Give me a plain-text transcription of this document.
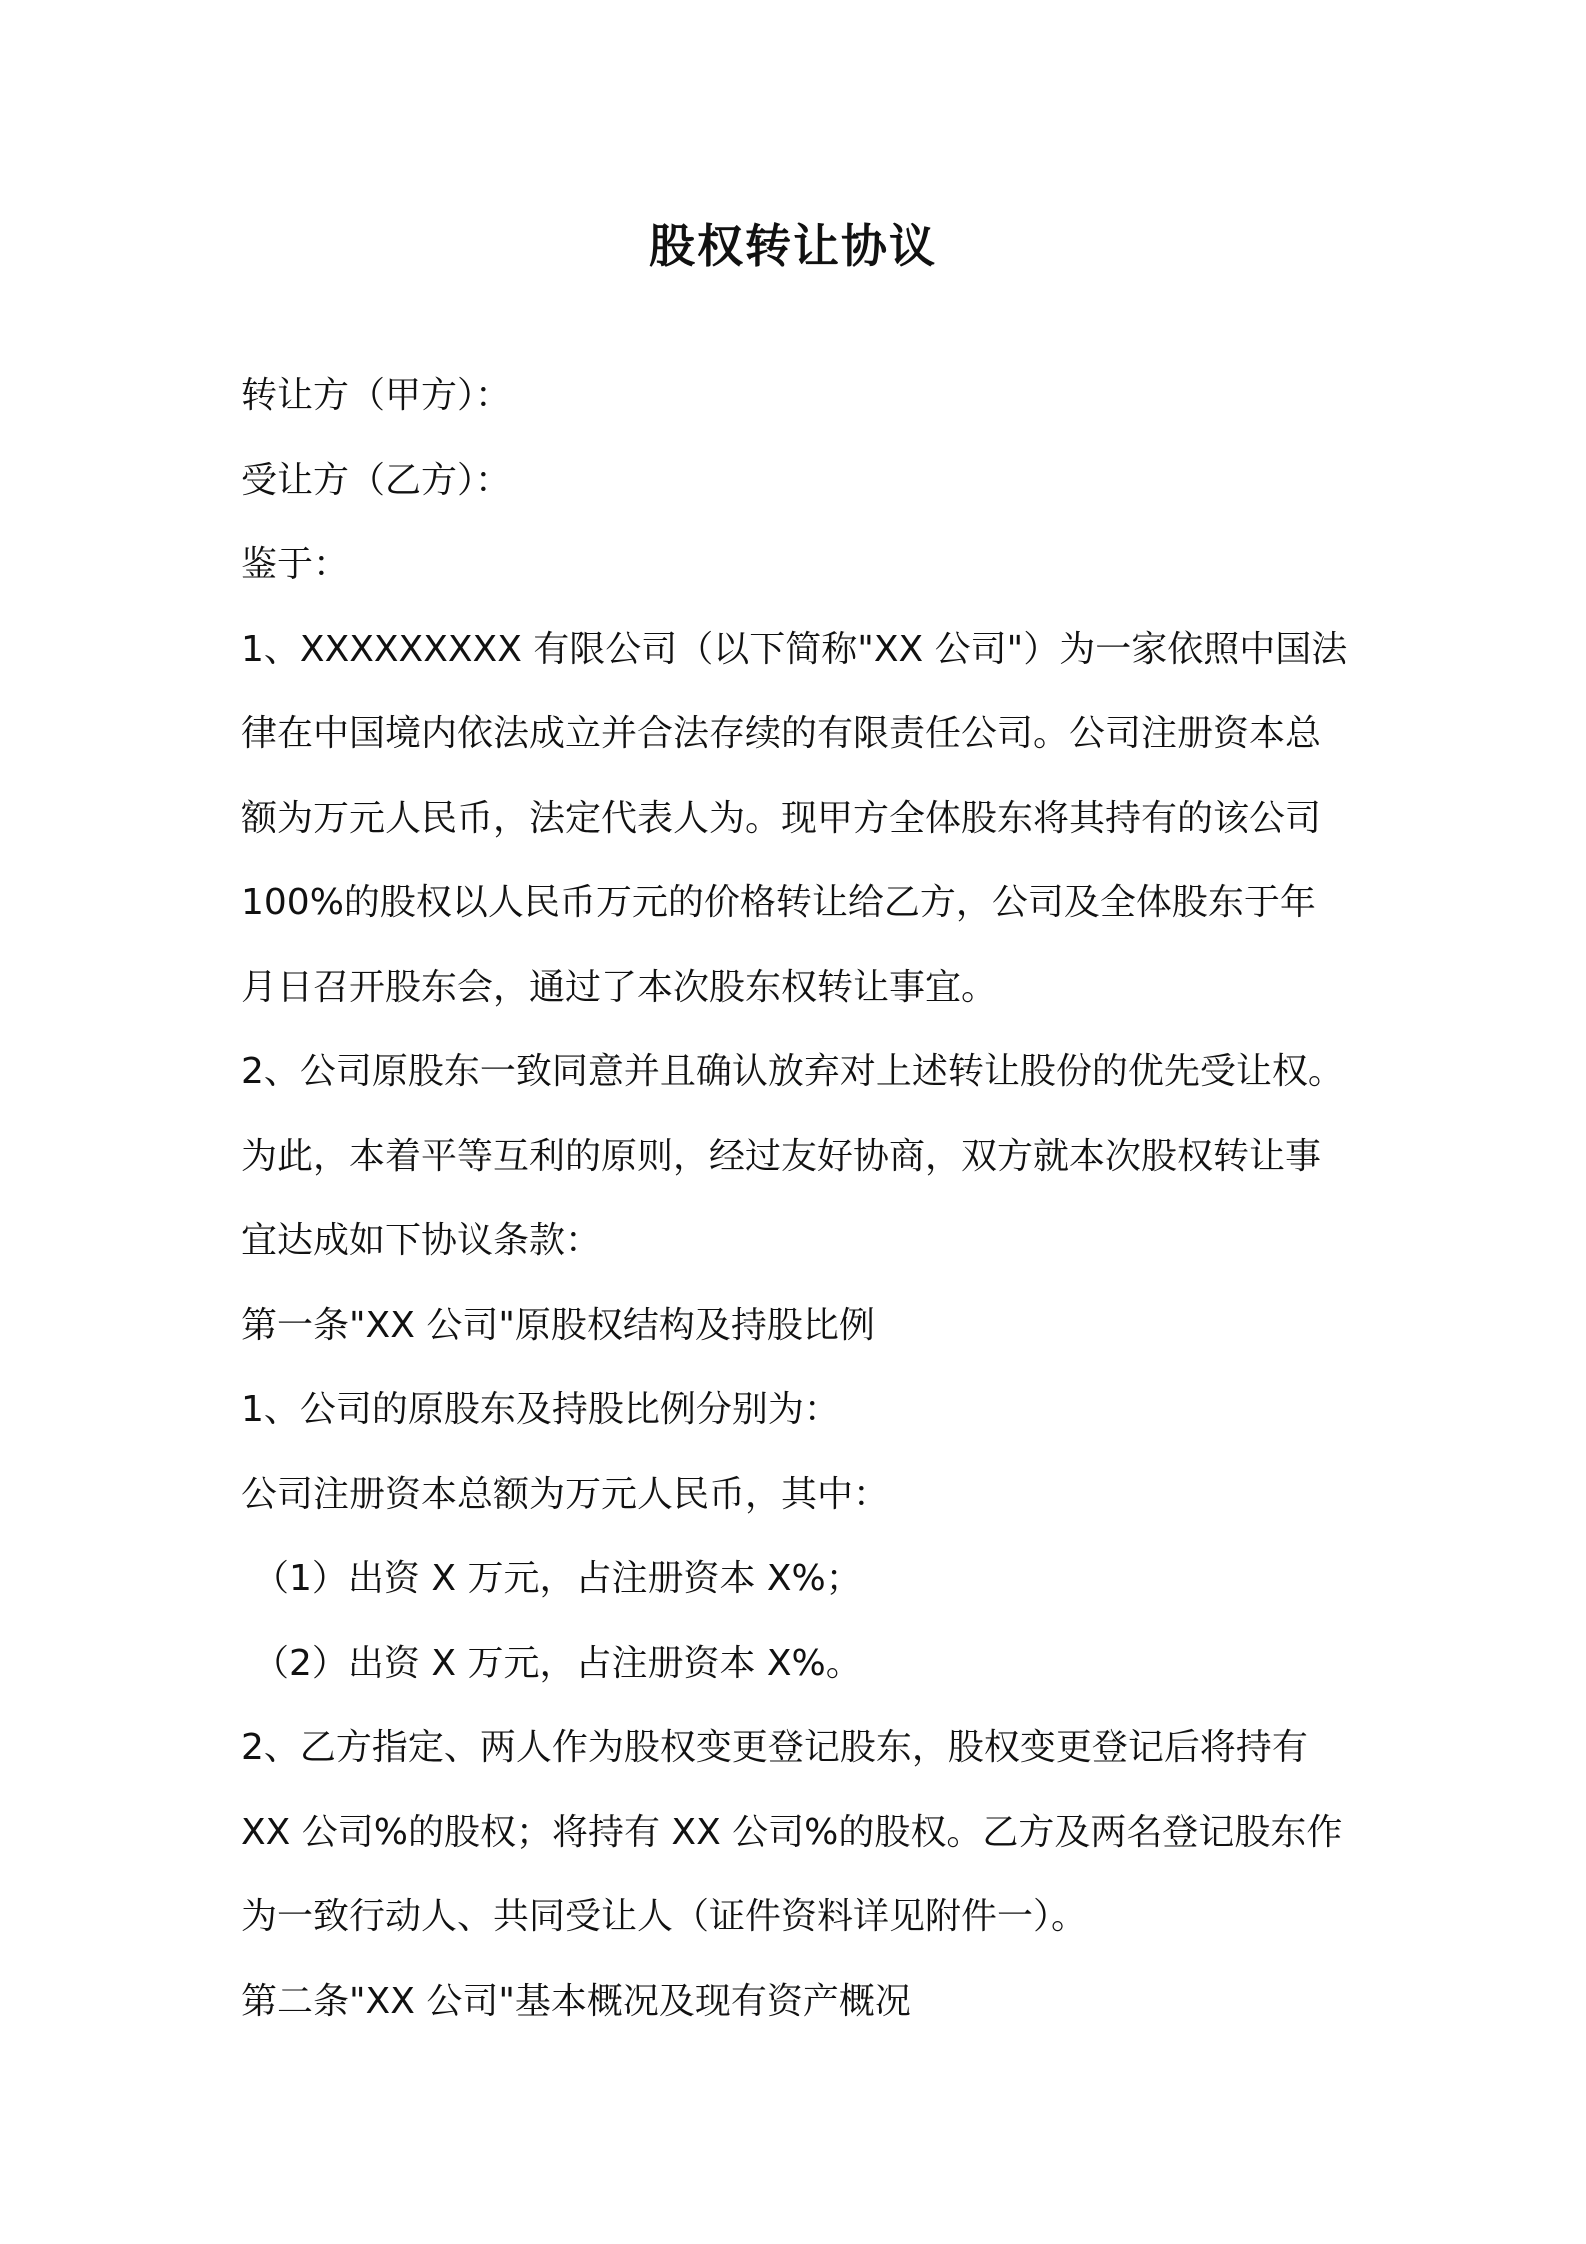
股权转让协议
转让方（甲方）：
受让方（乙方）：
鉴于：
1、XXXXXXXXX 有限公司（以下简称"XX 公司"）为一家依照中国法
律在中国境内依法成立并合法存续的有限责任公司。公司注册资本总
额为万元人民币，法定代表人为。现甲方全体股东将其持有的该公司
100%的股权以人民币万元的价格转让给乙方，公司及全体股东于年
月日召开股东会，通过了本次股东权转让事宜。
2、公司原股东一致同意并且确认放弃对上述转让股份的优先受让权。
为此，本着平等互利的原则，经过友好协商，双方就本次股权转让事
宜达成如下协议条款：
第一条"XX 公司"原股权结构及持股比例
1、公司的原股东及持股比例分别为：
公司注册资本总额为万元人民币，其中：
（1）出资 X 万元，占注册资本 X%；
（2）出资 X 万元，占注册资本 X%。
2、乙方指定、两人作为股权变更登记股东，股权变更登记后将持有
XX 公司%的股权；将持有 XX 公司%的股权。乙方及两名登记股东作
为一致行动人、共同受让人（证件资料详见附件一）。
第二条"XX 公司"基本概况及现有资产概况
